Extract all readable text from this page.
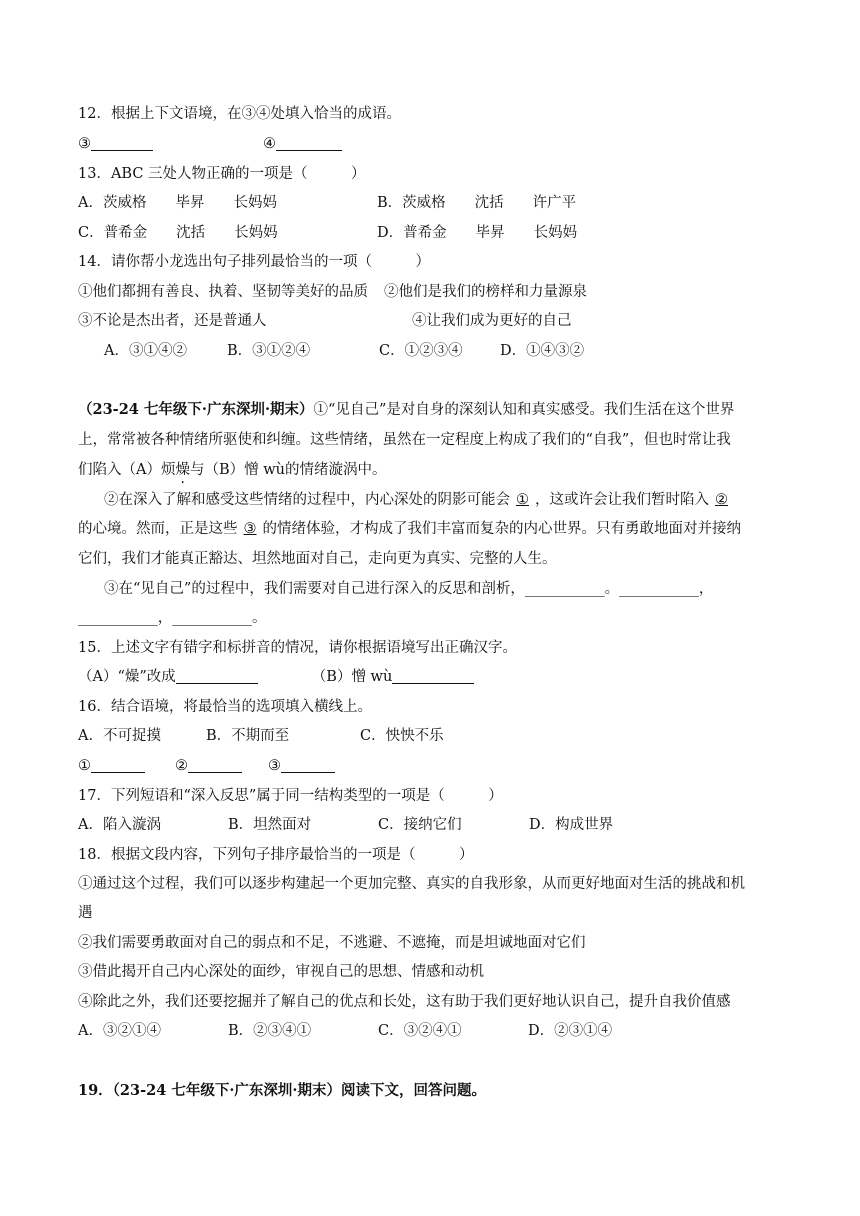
12．根据上下文语境，在③④处填入恰当的成语。
③	④
13．ABC 三处人物正确的一项是（　　　）
A．茨威格　　毕昇　　长妈妈	B．茨威格　　沈括　　许广平
C．普希金　　沈括　　长妈妈	D．普希金　　毕昇　　长妈妈
14．请你帮小龙选出句子排列最恰当的一项（　　　）
①他们都拥有善良、执着、坚韧等美好的品质 ②他们是我们的榜样和力量源泉
③不论是杰出者，还是普通人	④让我们成为更好的自己
A．③①④②	B．③①②④	C．①②③④	D．①④③②
（23-24 七年级下·广东深圳·期末）①“见自己”是对自身的深刻认知和真实感受。我们生活在这个世界
上，常常被各种情绪所驱使和纠缠。这些情绪，虽然在一定程度上构成了我们的“自我”，但也时常让我
们陷入（A）烦燥与（B）憎 wù的情绪漩涡中。
②在深入了解和感受这些情绪的过程中，内心深处的阴影可能会 ① ，这或许会让我们暂时陷入 ②
的心境。然而，正是这些 ③ 的情绪体验，才构成了我们丰富而复杂的内心世界。只有勇敢地面对并接纳
它们，我们才能真正豁达、坦然地面对自己，走向更为真实、完整的人生。
③在“见自己”的过程中，我们需要对自己进行深入的反思和剖析，___________。___________，
___________，___________。
15．上述文字有错字和标拼音的情况，请你根据语境写出正确汉字。
（A）“燥”改成	（B）憎 wù
16．结合语境，将最恰当的选项填入横线上。
A．不可捉摸	B．不期而至	C．怏怏不乐
①	②	③
17．下列短语和“深入反思”属于同一结构类型的一项是（　　　）
A．陷入漩涡	B．坦然面对	C．接纳它们	D．构成世界
18．根据文段内容，下列句子排序最恰当的一项是（　　　）
①通过这个过程，我们可以逐步构建起一个更加完整、真实的自我形象，从而更好地面对生活的挑战和机
遇
②我们需要勇敢面对自己的弱点和不足，不逃避、不遮掩，而是坦诚地面对它们
③借此揭开自己内心深处的面纱，审视自己的思想、情感和动机
④除此之外，我们还要挖掘并了解自己的优点和长处，这有助于我们更好地认识自己，提升自我价值感
A．③②①④	B．②③④①	C．③②④①	D．②③①④
19．（23-24 七年级下·广东深圳·期末）阅读下文，回答问题。
